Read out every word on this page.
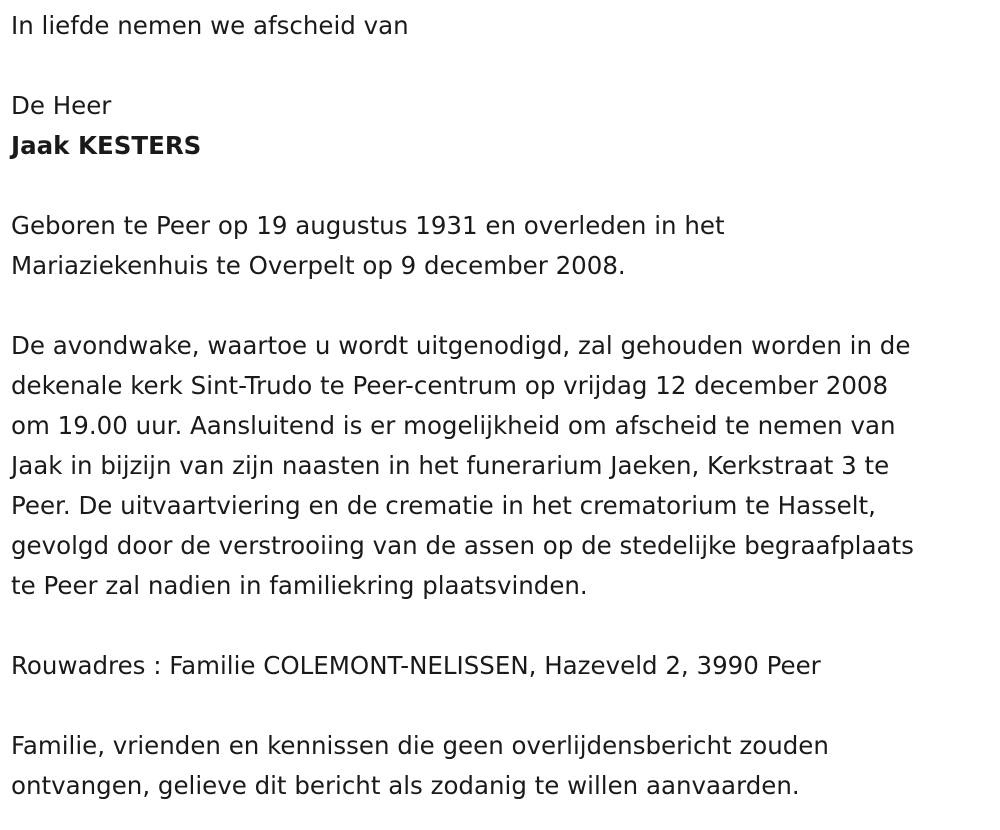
In liefde nemen we afscheid van

De Heer

Jaak KESTERS

Geboren te Peer op 19 augustus 1931 en overleden in het

Mariaziekenhuis te Overpelt op 9 december 2008.

De avondwake, waartoe u wordt uitgenodigd, zal gehouden worden in de

dekenale kerk Sint-Trudo te Peer-centrum op vrijdag 12 december 2008

om 19.00 uur. Aansluitend is er mogelijkheid om afscheid te nemen van

Jaak in bijzijn van zijn naasten in het funerarium Jaeken, Kerkstraat 3 te

Peer. De uitvaartviering en de crematie in het crematorium te Hasselt,

gevolgd door de verstrooiing van de assen op de stedelijke begraafplaats

te Peer zal nadien in familiekring plaatsvinden.

Rouwadres : Familie COLEMONT-NELISSEN, Hazeveld 2, 3990 Peer

Familie, vrienden en kennissen die geen overlijdensbericht zouden

ontvangen, gelieve dit bericht als zodanig te willen aanvaarden.
